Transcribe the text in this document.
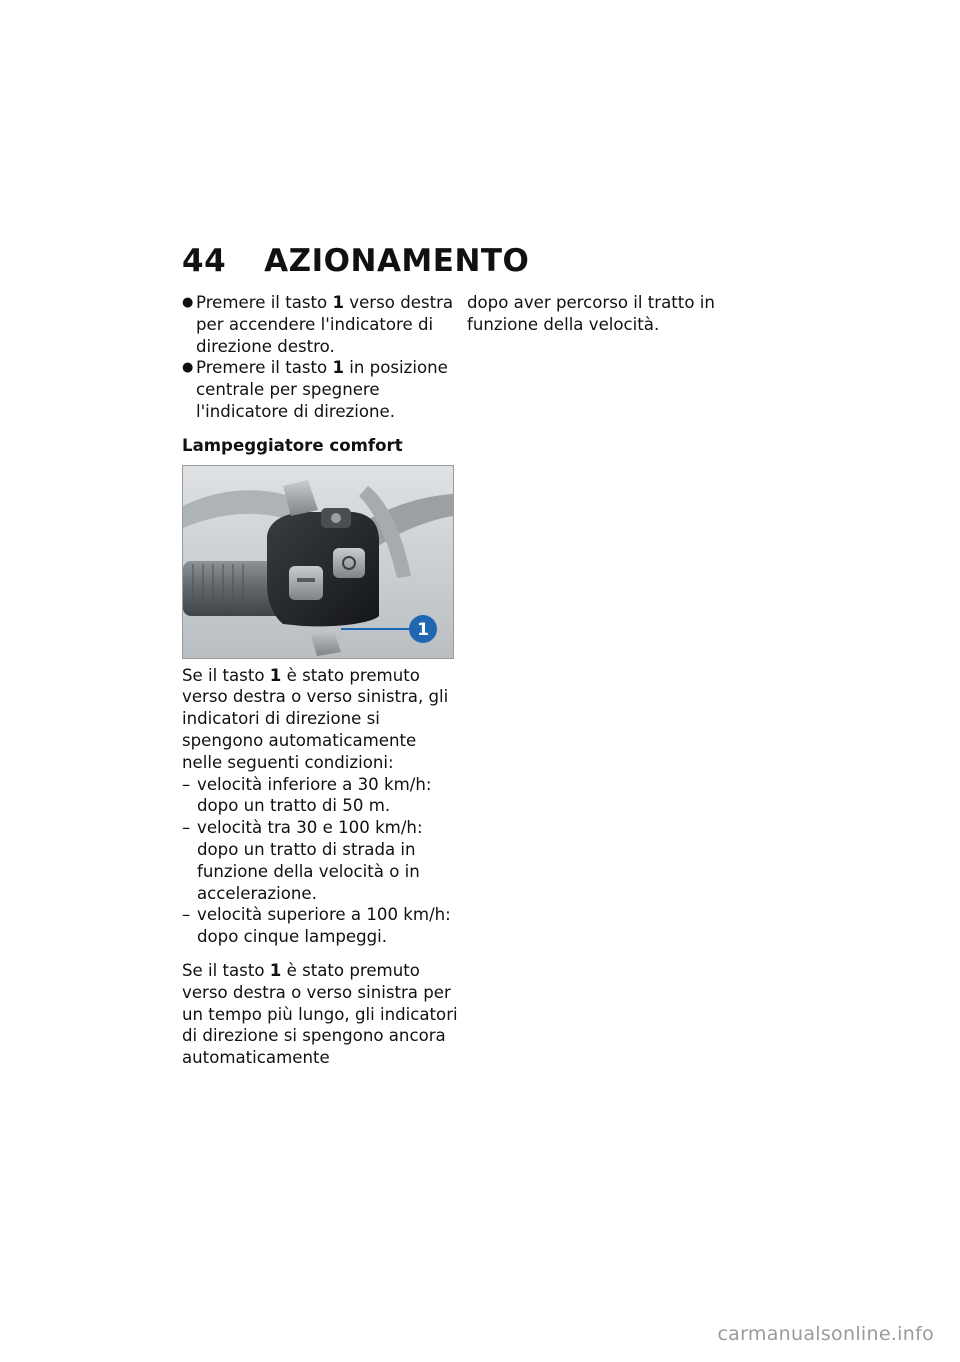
44 AZIONAMENTO

● Premere il tasto 1 verso destra per accendere l'indicatore di direzione destro.

● Premere il tasto 1 in posizione centrale per spegnere l'indicatore di direzione.

Lampeggiatore comfort

1

Se il tasto 1 è stato premuto verso destra o verso sinistra, gli indicatori di direzione si spengono automaticamente nelle seguenti condizioni:

– velocità inferiore a 30 km/h: dopo un tratto di 50 m.

– velocità tra 30 e 100 km/h: dopo un tratto di strada in funzione della velocità o in accelerazione.

– velocità superiore a 100 km/h: dopo cinque lampeggi.

Se il tasto 1 è stato premuto verso destra o verso sinistra per un tempo più lungo, gli indicatori di direzione si spengono ancora automaticamente

dopo aver percorso il tratto in funzione della velocità.

carmanualsonline.info
